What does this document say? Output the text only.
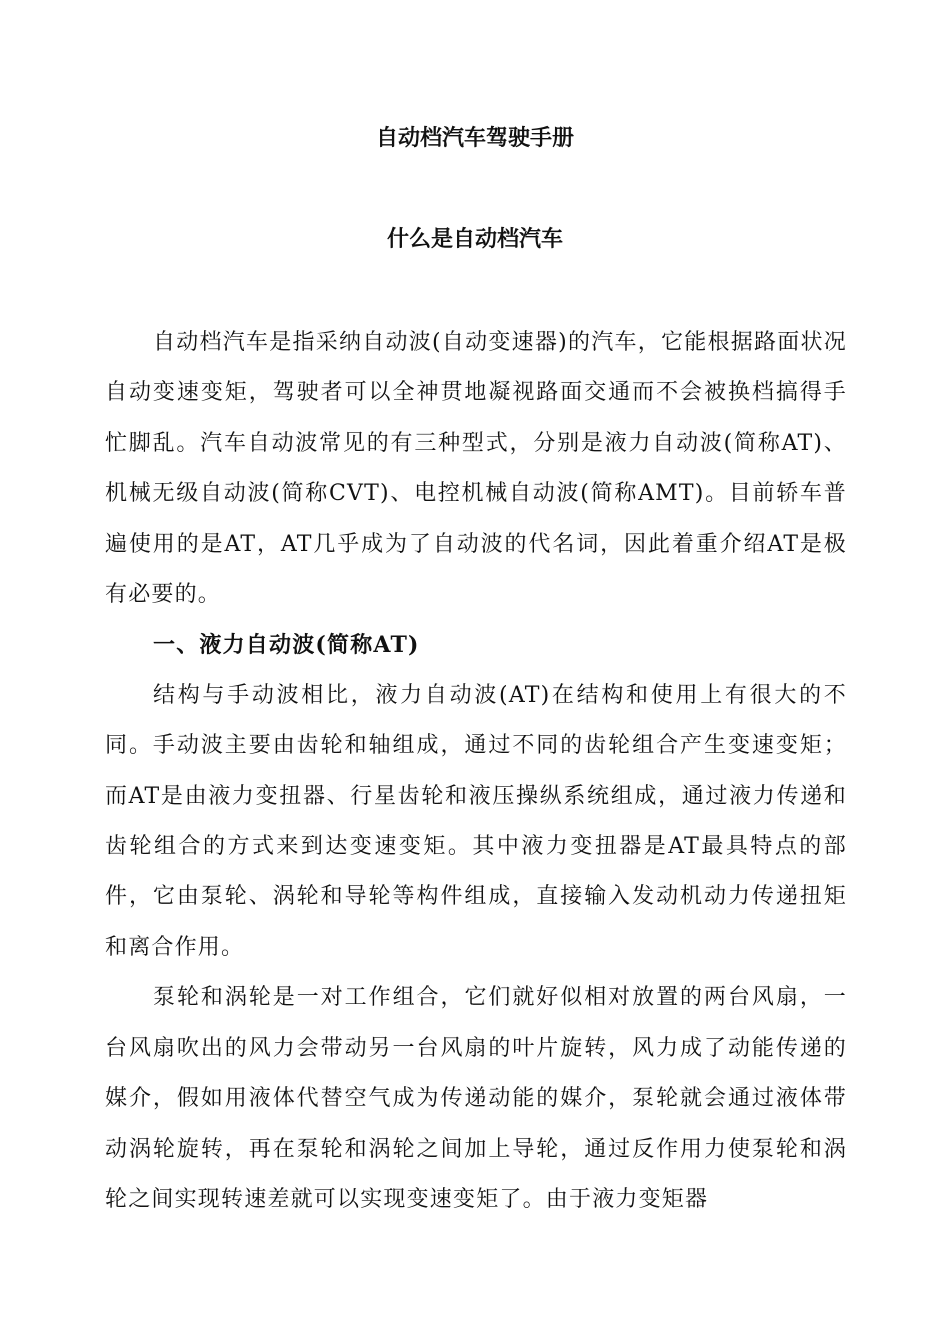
自动档汽车驾驶手册
什么是自动档汽车

自动档汽车是指采纳自动波(自动变速器)的汽车，它能根据路面状况自动变速变矩，驾驶者可以全神贯地凝视路面交通而不会被换档搞得手忙脚乱。汽车自动波常见的有三种型式，分别是液力自动波(简称AT)、机械无级自动波(简称CVT)、电控机械自动波(简称AMT)。目前轿车普遍使用的是AT，AT几乎成为了自动波的代名词，因此着重介绍AT是极有必要的。

一、液力自动波(简称AT)

结构与手动波相比，液力自动波(AT)在结构和使用上有很大的不同。手动波主要由齿轮和轴组成，通过不同的齿轮组合产生变速变矩；而AT是由液力变扭器、行星齿轮和液压操纵系统组成，通过液力传递和齿轮组合的方式来到达变速变矩。其中液力变扭器是AT最具特点的部件，它由泵轮、涡轮和导轮等构件组成，直接输入发动机动力传递扭矩和离合作用。

泵轮和涡轮是一对工作组合，它们就好似相对放置的两台风扇，一台风扇吹出的风力会带动另一台风扇的叶片旋转，风力成了动能传递的媒介，假如用液体代替空气成为传递动能的媒介，泵轮就会通过液体带动涡轮旋转，再在泵轮和涡轮之间加上导轮，通过反作用力使泵轮和涡轮之间实现转速差就可以实现变速变矩了。由于液力变矩器
